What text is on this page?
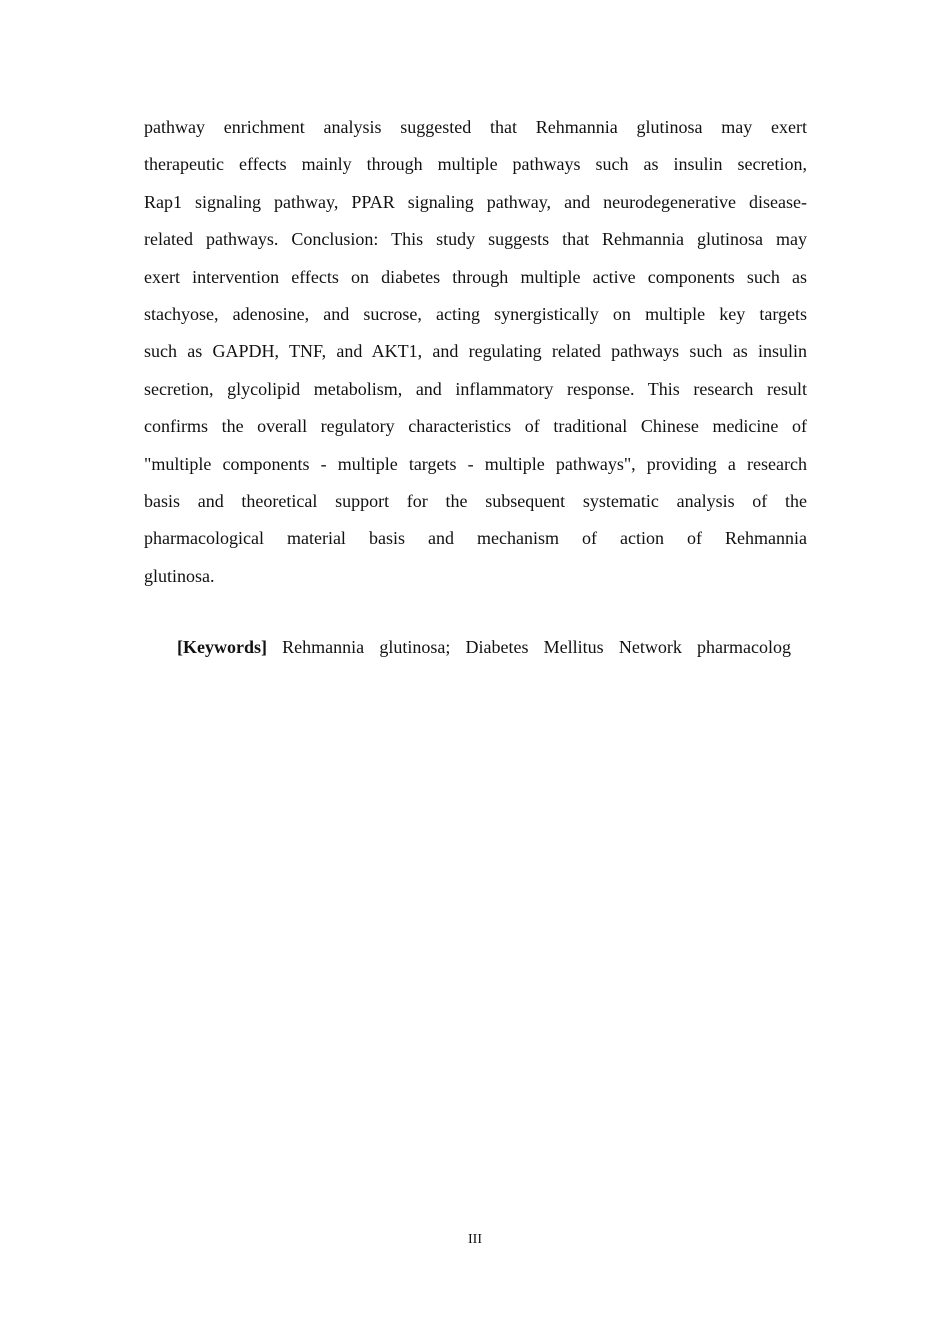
pathway enrichment analysis suggested that Rehmannia glutinosa may exert
therapeutic effects mainly through multiple pathways such as insulin secretion,
Rap1 signaling pathway, PPAR signaling pathway, and neurodegenerative disease-
related pathways. Conclusion: This study suggests that Rehmannia glutinosa may
exert intervention effects on diabetes through multiple active components such as
stachyose, adenosine, and sucrose, acting synergistically on multiple key targets
such as GAPDH, TNF, and AKT1, and regulating related pathways such as insulin
secretion, glycolipid metabolism, and inflammatory response. This research result
confirms the overall regulatory characteristics of traditional Chinese medicine of
"multiple components - multiple targets - multiple pathways", providing a research
basis and theoretical support for the subsequent systematic analysis of the
pharmacological material basis and mechanism of action of Rehmannia
glutinosa.
[Keywords] Rehmannia glutinosa; Diabetes Mellitus Network pharmacolog
III
